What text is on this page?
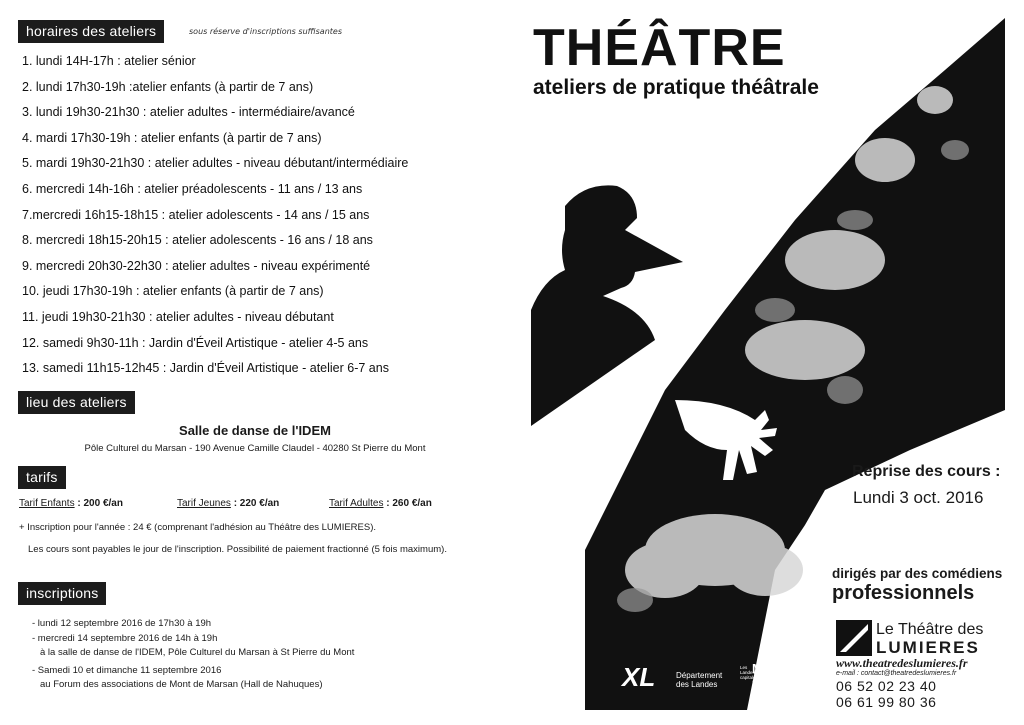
horaires des ateliers	sous réserve d'inscriptions suffisantes
1. lundi 14H-17h : atelier sénior
2. lundi 17h30-19h :atelier enfants (à partir de 7 ans)
3. lundi 19h30-21h30 : atelier adultes - intermédiaire/avancé
4. mardi 17h30-19h : atelier enfants (à partir de 7 ans)
5. mardi 19h30-21h30 : atelier adultes - niveau débutant/intermédiaire
6. mercredi 14h-16h : atelier préadolescents - 11 ans / 13 ans
7.mercredi 16h15-18h15 : atelier adolescents - 14 ans / 15 ans
8. mercredi 18h15-20h15 : atelier adolescents - 16 ans / 18 ans
9. mercredi 20h30-22h30 : atelier adultes - niveau expérimenté
10. jeudi 17h30-19h : atelier enfants (à partir de 7 ans)
11. jeudi 19h30-21h30 : atelier adultes - niveau débutant
12. samedi 9h30-11h : Jardin d'Éveil Artistique - atelier 4-5 ans
13. samedi 11h15-12h45 : Jardin d'Éveil Artistique - atelier 6-7 ans
lieu des ateliers
Salle de danse de l'IDEM
Pôle Culturel du Marsan - 190 Avenue Camille Claudel - 40280 St Pierre du Mont
tarifs
Tarif Enfants : 200 €/an	Tarif Jeunes : 220 €/an	Tarif Adultes : 260 €/an
+ Inscription pour l'année : 24 € (comprenant l'adhésion au Théâtre des LUMIERES).
Les cours sont payables le jour de l'inscription. Possibilité de paiement fractionné (5 fois maximum).
inscriptions
- lundi 12 septembre 2016 de 17h30 à 19h
- mercredi 14 septembre 2016 de 14h à 19h
à la salle de danse de l'IDEM, Pôle Culturel du Marsan à St Pierre du Mont
- Samedi 10 et dimanche 11 septembre 2016
au Forum des associations de Mont de Marsan (Hall de Nahuques)
THÉÂTRE
ateliers de pratique théâtrale
Reprise des cours :
Lundi 3 oct. 2016
dirigés par des comédiens
professionnels
Le Théâtre des
LUMIERES
www.theatredeslumieres.fr
e-mail : contact@theatredeslumieres.fr
06 52 02 23 40
06 61 99 80 36
XL	Département
des Landes
Les Landes capitale
MONT de MARSAN
